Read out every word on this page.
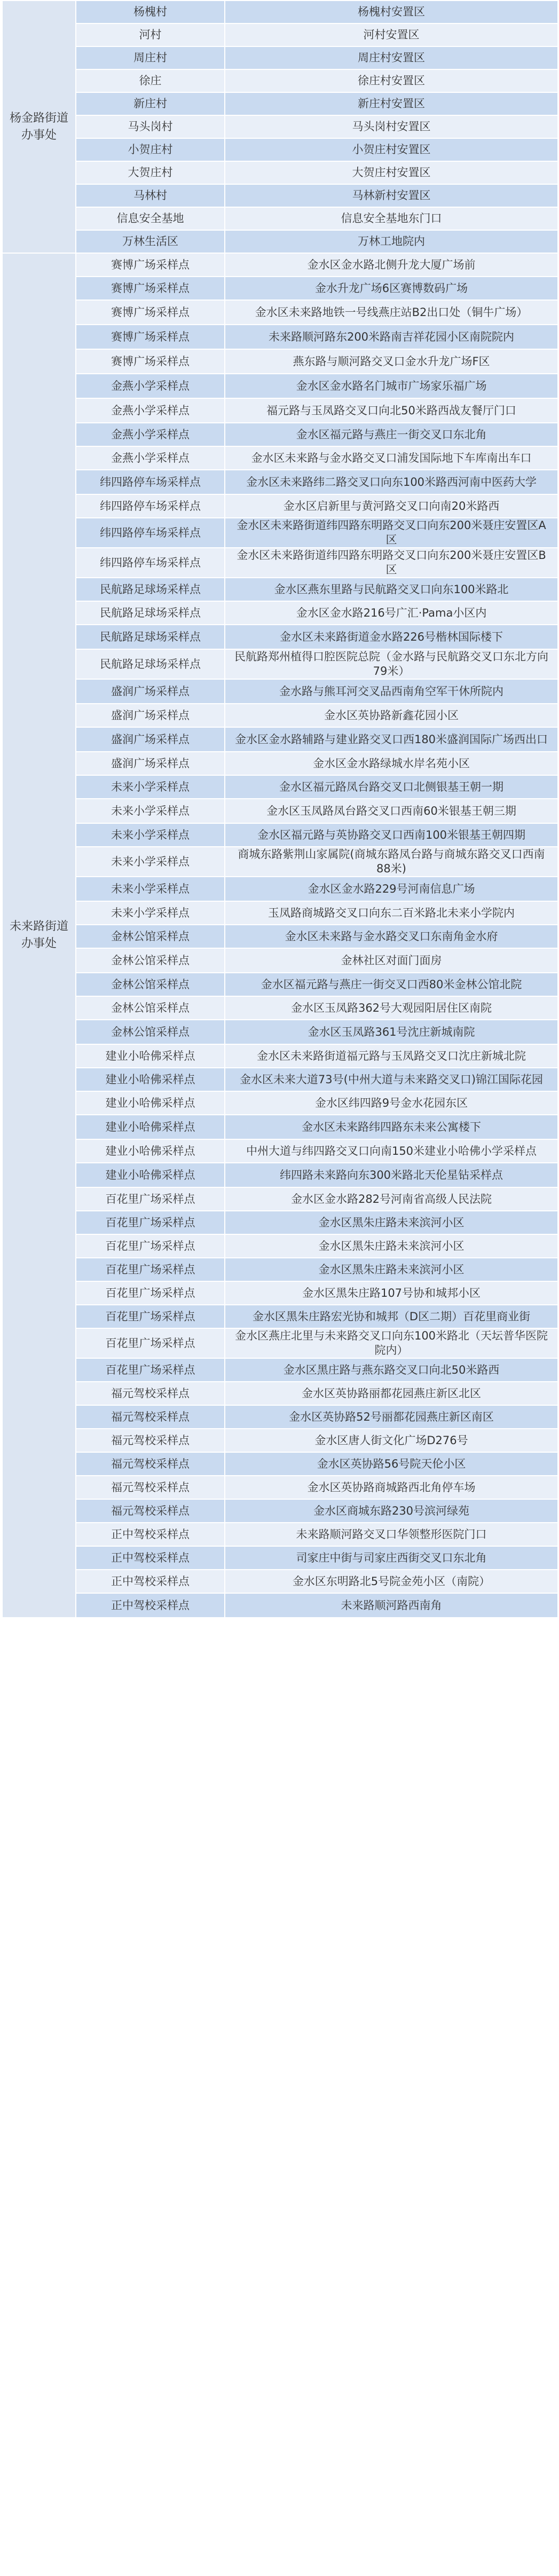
杨金路街道办事处	杨槐村	杨槐村安置区
	河村	河村安置区
	周庄村	周庄村安置区
	徐庄	徐庄村安置区
	新庄村	新庄村安置区
	马头岗村	马头岗村安置区
	小贺庄村	小贺庄村安置区
	大贺庄村	大贺庄村安置区
	马林村	马林新村安置区
	信息安全基地	信息安全基地东门口
	万林生活区	万林工地院内
未来路街道办事处	赛博广场采样点	金水区金水路北侧升龙大厦广场前
	赛博广场采样点	金水升龙广场6区赛博数码广场
	赛博广场采样点	金水区未来路地铁一号线燕庄站B2出口处（铜牛广场）
	赛博广场采样点	未来路顺河路东200米路南吉祥花园小区南院院内
	赛博广场采样点	燕东路与顺河路交叉口金水升龙广场F区
	金燕小学采样点	金水区金水路名门城市广场家乐福广场
	金燕小学采样点	福元路与玉凤路交叉口向北50米路西战友餐厅门口
	金燕小学采样点	金水区福元路与燕庄一街交叉口东北角
	金燕小学采样点	金水区未来路与金水路交叉口浦发国际地下车库南出车口
	纬四路停车场采样点	金水区未来路纬二路交叉口向东100米路西河南中医药大学
	纬四路停车场采样点	金水区启新里与黄河路交叉口向南20米路西
	纬四路停车场采样点	金水区未来路街道纬四路东明路交叉口向东200米聂庄安置区A区
	纬四路停车场采样点	金水区未来路街道纬四路东明路交叉口向东200米聂庄安置区B区
	民航路足球场采样点	金水区燕东里路与民航路交叉口向东100米路北
	民航路足球场采样点	金水区金水路216号广汇·Pama小区内
	民航路足球场采样点	金水区未来路街道金水路226号楷林国际楼下
	民航路足球场采样点	民航路郑州植得口腔医院总院（金水路与民航路交叉口东北方向79米）
	盛润广场采样点	金水路与熊耳河交叉品西南角空军干休所院内
	盛润广场采样点	金水区英协路新鑫花园小区
	盛润广场采样点	金水区金水路辅路与建业路交叉口西180米盛润国际广场西出口
	盛润广场采样点	金水区金水路绿城水岸名苑小区
	未来小学采样点	金水区福元路凤台路交叉口北侧银基王朝一期
	未来小学采样点	金水区玉凤路凤台路交叉口西南60米银基王朝三期
	未来小学采样点	金水区福元路与英协路交叉口西南100米银基王朝四期
	未来小学采样点	商城东路紫荆山家属院(商城东路凤台路与商城东路交叉口西南88米)
	未来小学采样点	金水区金水路229号河南信息广场
	未来小学采样点	玉凤路商城路交叉口向东二百米路北未来小学院内
	金林公馆采样点	金水区未来路与金水路交叉口东南角金水府
	金林公馆采样点	金林社区对面门面房
	金林公馆采样点	金水区福元路与燕庄一街交叉口西80米金林公馆北院
	金林公馆采样点	金水区玉凤路362号大观园阳居住区南院
	金林公馆采样点	金水区玉凤路361号沈庄新城南院
	建业小哈佛采样点	金水区未来路街道福元路与玉凤路交叉口沈庄新城北院
	建业小哈佛采样点	金水区未来大道73号(中州大道与未来路交叉口)锦江国际花园
	建业小哈佛采样点	金水区纬四路9号金水花园东区
	建业小哈佛采样点	金水区未来路纬四路东未来公寓楼下
	建业小哈佛采样点	中州大道与纬四路交叉口向南150米建业小哈佛小学采样点
	建业小哈佛采样点	纬四路未来路向东300米路北天伦星钻采样点
	百花里广场采样点	金水区金水路282号河南省高级人民法院
	百花里广场采样点	金水区黑朱庄路未来滨河小区
	百花里广场采样点	金水区黑朱庄路未来滨河小区
	百花里广场采样点	金水区黑朱庄路未来滨河小区
	百花里广场采样点	金水区黑朱庄路107号协和城邦小区
	百花里广场采样点	金水区黑朱庄路宏光协和城邦（D区二期）百花里商业街
	百花里广场采样点	金水区燕庄北里与未来路交叉口向东100米路北（天坛普华医院院内）
	百花里广场采样点	金水区黑庄路与燕东路交叉口向北50米路西
	福元驾校采样点	金水区英协路丽都花园燕庄新区北区
	福元驾校采样点	金水区英协路52号丽都花园燕庄新区南区
	福元驾校采样点	金水区唐人街文化广场D276号
	福元驾校采样点	金水区英协路56号院天伦小区
	福元驾校采样点	金水区英协路商城路西北角停车场
	福元驾校采样点	金水区商城东路230号滨河绿苑
	正中驾校采样点	未来路顺河路交叉口华领整形医院门口
	正中驾校采样点	司家庄中街与司家庄西街交叉口东北角
	正中驾校采样点	金水区东明路北5号院金苑小区（南院）
	正中驾校采样点	未来路顺河路西南角
